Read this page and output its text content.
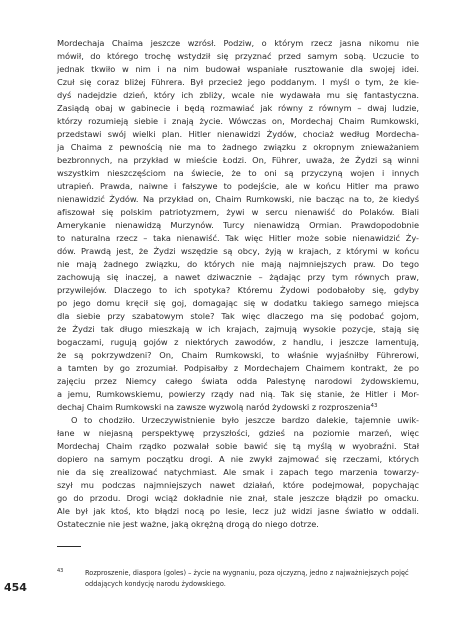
Mordechaja Chaima jeszcze wzrósł. Podziw, o którym rzecz jasna nikomu nie
mówił, do którego trochę wstydził się przyznać przed samym sobą. Uczucie to
jednak tkwiło w nim i na nim budował wspaniałe rusztowanie dla swojej idei.
Czuł się coraz bliżej Führera. Był przecież jego poddanym. I myśl o tym, że kie-
dyś nadejdzie dzień, który ich zbliży, wcale nie wydawała mu się fantastyczna.
Zasiądą obaj w gabinecie i będą rozmawiać jak równy z równym – dwaj ludzie,
którzy rozumieją siebie i znają życie. Wówczas on, Mordechaj Chaim Rumkowski,
przedstawi swój wielki plan. Hitler nienawidzi Żydów, chociaż według Mordecha-
ja Chaima z pewnością nie ma to żadnego związku z okropnym znieważaniem
bezbronnych, na przykład w mieście Łodzi. On, Führer, uważa, że Żydzi są winni
wszystkim nieszczęściom na świecie, że to oni są przyczyną wojen i innych
utrapień. Prawda, naiwne i fałszywe to podejście, ale w końcu Hitler ma prawo
nienawidzić Żydów. Na przykład on, Chaim Rumkowski, nie bacząc na to, że kiedyś
afiszował się polskim patriotyzmem, żywi w sercu nienawiść do Polaków. Biali
Amerykanie nienawidzą Murzynów. Turcy nienawidzą Ormian. Prawdopodobnie
to naturalna rzecz – taka nienawiść. Tak więc Hitler może sobie nienawidzić Ży-
dów. Prawdą jest, że Żydzi wszędzie są obcy, żyją w krajach, z którymi w końcu
nie mają żadnego związku, do których nie mają najmniejszych praw. Do tego
zachowują się inaczej, a nawet dziwacznie – żądając przy tym równych praw,
przywilejów. Dlaczego to ich spotyka? Któremu Żydowi podobałoby się, gdyby
po jego domu kręcił się goj, domagając się w dodatku takiego samego miejsca
dla siebie przy szabatowym stole? Tak więc dlaczego ma się podobać gojom,
że Żydzi tak długo mieszkają w ich krajach, zajmują wysokie pozycje, stają się
bogaczami, rugują gojów z niektórych zawodów, z handlu, i jeszcze lamentują,
że są pokrzywdzeni? On, Chaim Rumkowski, to właśnie wyjaśniłby Führerowi,
a tamten by go zrozumiał. Podpisałby z Mordechajem Chaimem kontrakt, że po
zajęciu przez Niemcy całego świata odda Palestynę narodowi żydowskiemu,
a jemu, Rumkowskiemu, powierzy rządy nad nią. Tak się stanie, że Hitler i Mor-
dechaj Chaim Rumkowski na zawsze wyzwolą naród żydowski z rozproszenia$^{43}$
O to chodziło. Urzeczywistnienie było jeszcze bardzo dalekie, tajemnie uwik-
łane w niejasną perspektywę przyszłości, gdzieś na poziomie marzeń, więc
Mordechaj Chaim rządko pozwalał sobie bawić się tą myślą w wyobraźni. Stał
dopiero na samym początku drogi. A nie zwykł zajmować się rzeczami, których
nie da się zrealizować natychmiast. Ale smak i zapach tego marzenia towarzy-
szył mu podczas najmniejszych nawet działań, które podejmował, popychając
go do przodu. Drogi wciąż dokładnie nie znał, stale jeszcze błądził po omacku.
Ale był jak ktoś, kto błądzi nocą po lesie, lecz już widzi jasne światło w oddali.
Ostatecznie nie jest ważne, jaką okrężną drogą do niego dotrze.
454
43	Rozproszenie, diaspora (goles) – życie na wygnaniu, poza ojczyzną, jedno z najważniejszych pojęć
oddających kondycję narodu żydowskiego.
